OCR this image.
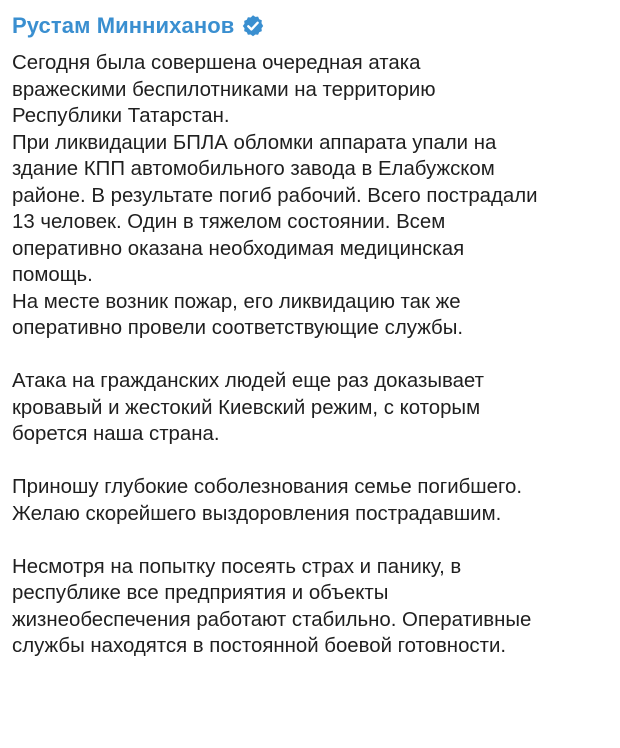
Рустам Минниханов
Сегодня была совершена очередная атака
вражескими беспилотниками на территорию
Республики Татарстан.
При ликвидации БПЛА обломки аппарата упали на
здание КПП автомобильного завода в Елабужском
районе. В результате погиб рабочий. Всего пострадали
13 человек. Один в тяжелом состоянии. Всем
оперативно оказана необходимая медицинская
помощь.
На месте возник пожар, его ликвидацию так же
оперативно провели соответствующие службы.
Атака на гражданских людей еще раз доказывает
кровавый и жестокий Киевский режим, с которым
борется наша страна.
Приношу глубокие соболезнования семье погибшего.
Желаю скорейшего выздоровления пострадавшим.
Несмотря на попытку посеять страх и панику, в
республике все предприятия и объекты
жизнеобеспечения работают стабильно. Оперативные
службы находятся в постоянной боевой готовности.
